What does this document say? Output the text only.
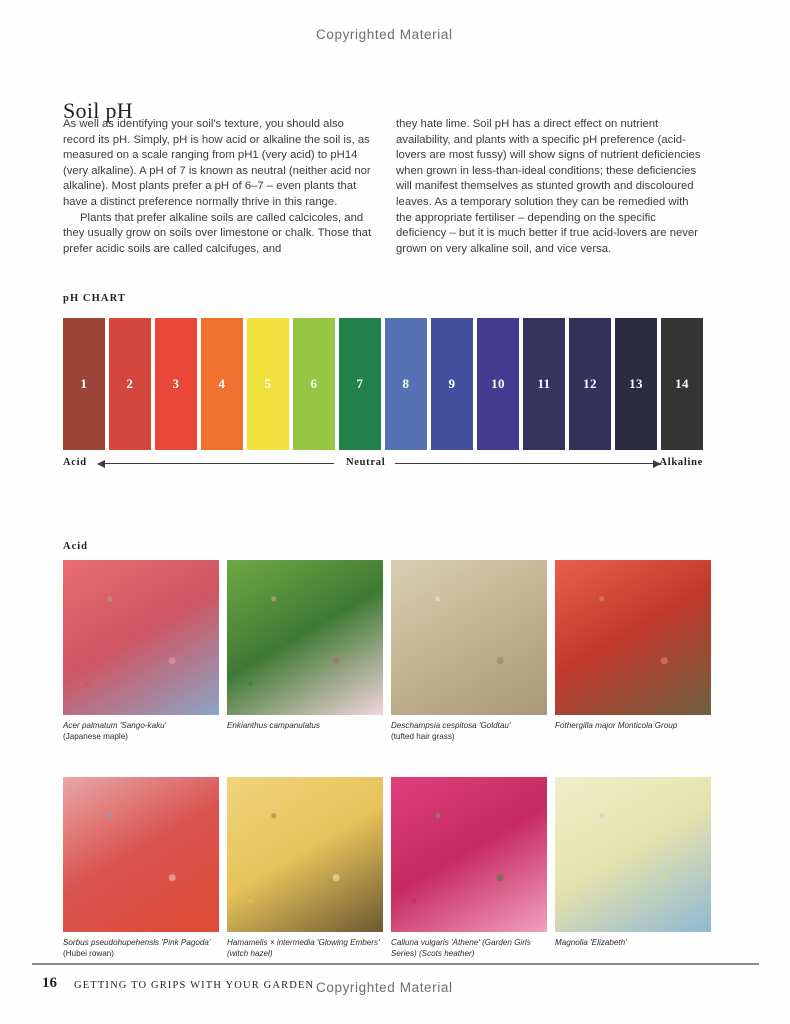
Copyrighted Material
Soil pH

As well as identifying your soil's texture, you should also record its pH. Simply, pH is how acid or alkaline the soil is, as measured on a scale ranging from pH1 (very acid) to pH14 (very alkaline). A pH of 7 is known as neutral (neither acid nor alkaline). Most plants prefer a pH of 6–7 – even plants that have a distinct preference normally thrive in this range.

Plants that prefer alkaline soils are called calcicoles, and they usually grow on soils over limestone or chalk. Those that prefer acidic soils are called calcifuges, and

they hate lime. Soil pH has a direct effect on nutrient availability, and plants with a specific pH preference (acid-lovers are most fussy) will show signs of nutrient deficiencies when grown in less-than-ideal conditions; these deficiencies will manifest themselves as stunted growth and discoloured leaves. As a temporary solution they can be remedied with the appropriate fertiliser – depending on the specific deficiency – but it is much better if true acid-lovers are never grown on very alkaline soil, and vice versa.

pH CHART
1	2	3	4	5	6	7	8	9	10	11	12 13 14
Acid	Neutral	Alkaline
Acid
Acer palmatum 'Sango-kaku'
(Japanese maple)
Enkianthus campanulatus	Deschampsia cespitosa 'Goldtau'
(tufted hair grass)
Fothergilla major Monticola Group
Sorbus pseudohupehensis 'Pink Pagoda'
(Hubei rowan)
Hamamelis × intermedia 'Glowing Embers' (witch hazel)
Calluna vulgaris 'Athene' (Garden Girls Series) (Scots heather)
Magnolia 'Elizabeth'
16 GETTING TO GRIPS WITH YOUR GARDEN Copyrighted Material
